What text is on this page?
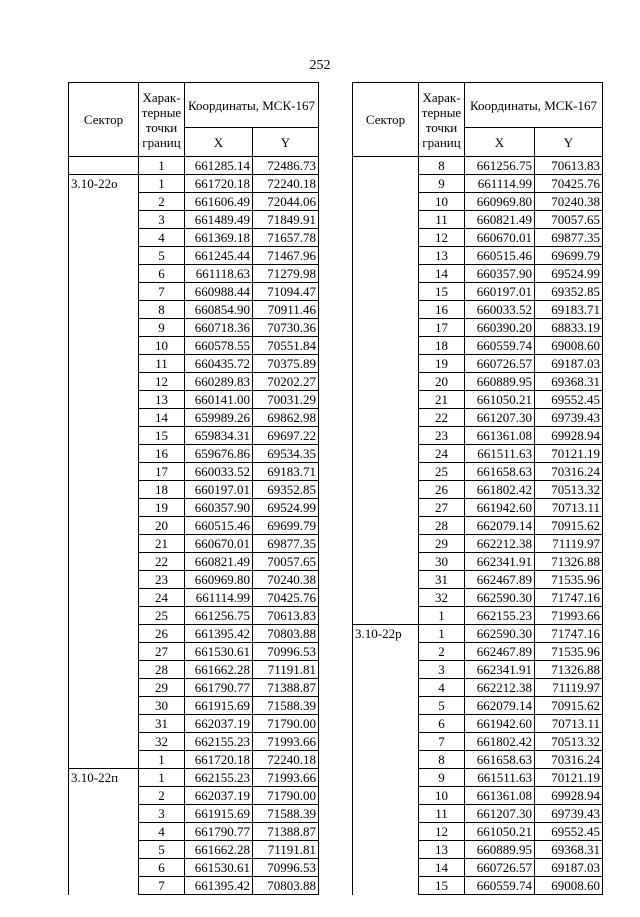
252
Сектор	Харак-терные точки границ	Координаты, МСК-167	
		X	Y
	1	661285.14	72486.73
3.10-22о	1	661720.18	72240.18
	2	661606.49	72044.06
	3	661489.49	71849.91
	4	661369.18	71657.78
	5	661245.44	71467.96
	6	661118.63	71279.98
	7	660988.44	71094.47
	8	660854.90	70911.46
	9	660718.36	70730.36
	10	660578.55	70551.84
	11	660435.72	70375.89
	12	660289.83	70202.27
	13	660141.00	70031.29
	14	659989.26	69862.98
	15	659834.31	69697.22
	16	659676.86	69534.35
	17	660033.52	69183.71
	18	660197.01	69352.85
	19	660357.90	69524.99
	20	660515.46	69699.79
	21	660670.01	69877.35
	22	660821.49	70057.65
	23	660969.80	70240.38
	24	661114.99	70425.76
	25	661256.75	70613.83
	26	661395.42	70803.88
	27	661530.61	70996.53
	28	661662.28	71191.81
	29	661790.77	71388.87
	30	661915.69	71588.39
	31	662037.19	71790.00
	32	662155.23	71993.66
	1	661720.18	72240.18
3.10-22п	1	662155.23	71993.66
	2	662037.19	71790.00
	3	661915.69	71588.39
	4	661790.77	71388.87
	5	661662.28	71191.81
	6	661530.61	70996.53
	7	661395.42	70803.88
Сектор	Харак-терные точки границ	Координаты, МСК-167	
		X	Y
	8	661256.75	70613.83
	9	661114.99	70425.76
	10	660969.80	70240.38
	11	660821.49	70057.65
	12	660670.01	69877.35
	13	660515.46	69699.79
	14	660357.90	69524.99
	15	660197.01	69352.85
	16	660033.52	69183.71
	17	660390.20	68833.19
	18	660559.74	69008.60
	19	660726.57	69187.03
	20	660889.95	69368.31
	21	661050.21	69552.45
	22	661207.30	69739.43
	23	661361.08	69928.94
	24	661511.63	70121.19
	25	661658.63	70316.24
	26	661802.42	70513.32
	27	661942.60	70713.11
	28	662079.14	70915.62
	29	662212.38	71119.97
	30	662341.91	71326.88
	31	662467.89	71535.96
	32	662590.30	71747.16
	1	662155.23	71993.66
3.10-22р	1	662590.30	71747.16
	2	662467.89	71535.96
	3	662341.91	71326.88
	4	662212.38	71119.97
	5	662079.14	70915.62
	6	661942.60	70713.11
	7	661802.42	70513.32
	8	661658.63	70316.24
	9	661511.63	70121.19
	10	661361.08	69928.94
	11	661207.30	69739.43
	12	661050.21	69552.45
	13	660889.95	69368.31
	14	660726.57	69187.03
	15	660559.74	69008.60
